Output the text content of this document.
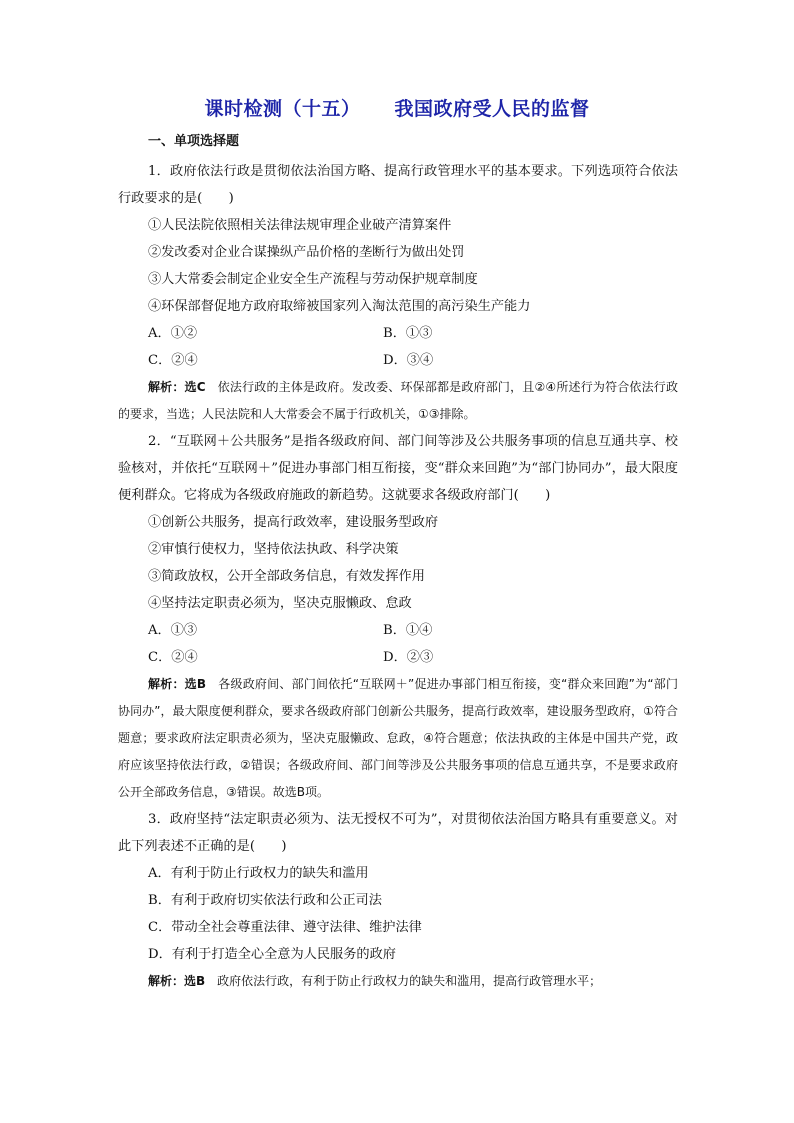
课时检测（十五） 我国政府受人民的监督
一、单项选择题

1．政府依法行政是贯彻依法治国方略、提高行政管理水平的基本要求。下列选项符合依法行政要求的是(　　)

①人民法院依照相关法律法规审理企业破产清算案件

②发改委对企业合谋操纵产品价格的垄断行为做出处罚

③人大常委会制定企业安全生产流程与劳动保护规章制度

④环保部督促地方政府取缔被国家列入淘汰范围的高污染生产能力

A．①②	B．①③
C．②④	D．③④

解析：选C 依法行政的主体是政府。发改委、环保部都是政府部门，且②④所述行为符合依法行政的要求，当选；人民法院和人大常委会不属于行政机关，①③排除。

2．“互联网＋公共服务”是指各级政府间、部门间等涉及公共服务事项的信息互通共享、校验核对，并依托“互联网＋”促进办事部门相互衔接，变“群众来回跑”为“部门协同办”，最大限度便利群众。它将成为各级政府施政的新趋势。这就要求各级政府部门(　　)

①创新公共服务，提高行政效率，建设服务型政府

②审慎行使权力，坚持依法执政、科学决策

③简政放权，公开全部政务信息，有效发挥作用

④坚持法定职责必须为，坚决克服懒政、怠政

A．①③	B．①④
C．②④	D．②③

解析：选B 各级政府间、部门间依托“互联网＋”促进办事部门相互衔接，变“群众来回跑”为“部门协同办”，最大限度便利群众，要求各级政府部门创新公共服务，提高行政效率，建设服务型政府，①符合题意；要求政府法定职责必须为，坚决克服懒政、怠政，④符合题意；依法执政的主体是中国共产党，政府应该坚持依法行政，②错误；各级政府间、部门间等涉及公共服务事项的信息互通共享，不是要求政府公开全部政务信息，③错误。故选B项。

3．政府坚持“法定职责必须为、法无授权不可为”，对贯彻依法治国方略具有重要意义。对此下列表述不正确的是(　　)

A．有利于防止行政权力的缺失和滥用

B．有利于政府切实依法行政和公正司法

C．带动全社会尊重法律、遵守法律、维护法律

D．有利于打造全心全意为人民服务的政府

解析：选B 政府依法行政，有利于防止行政权力的缺失和滥用，提高行政管理水平；
